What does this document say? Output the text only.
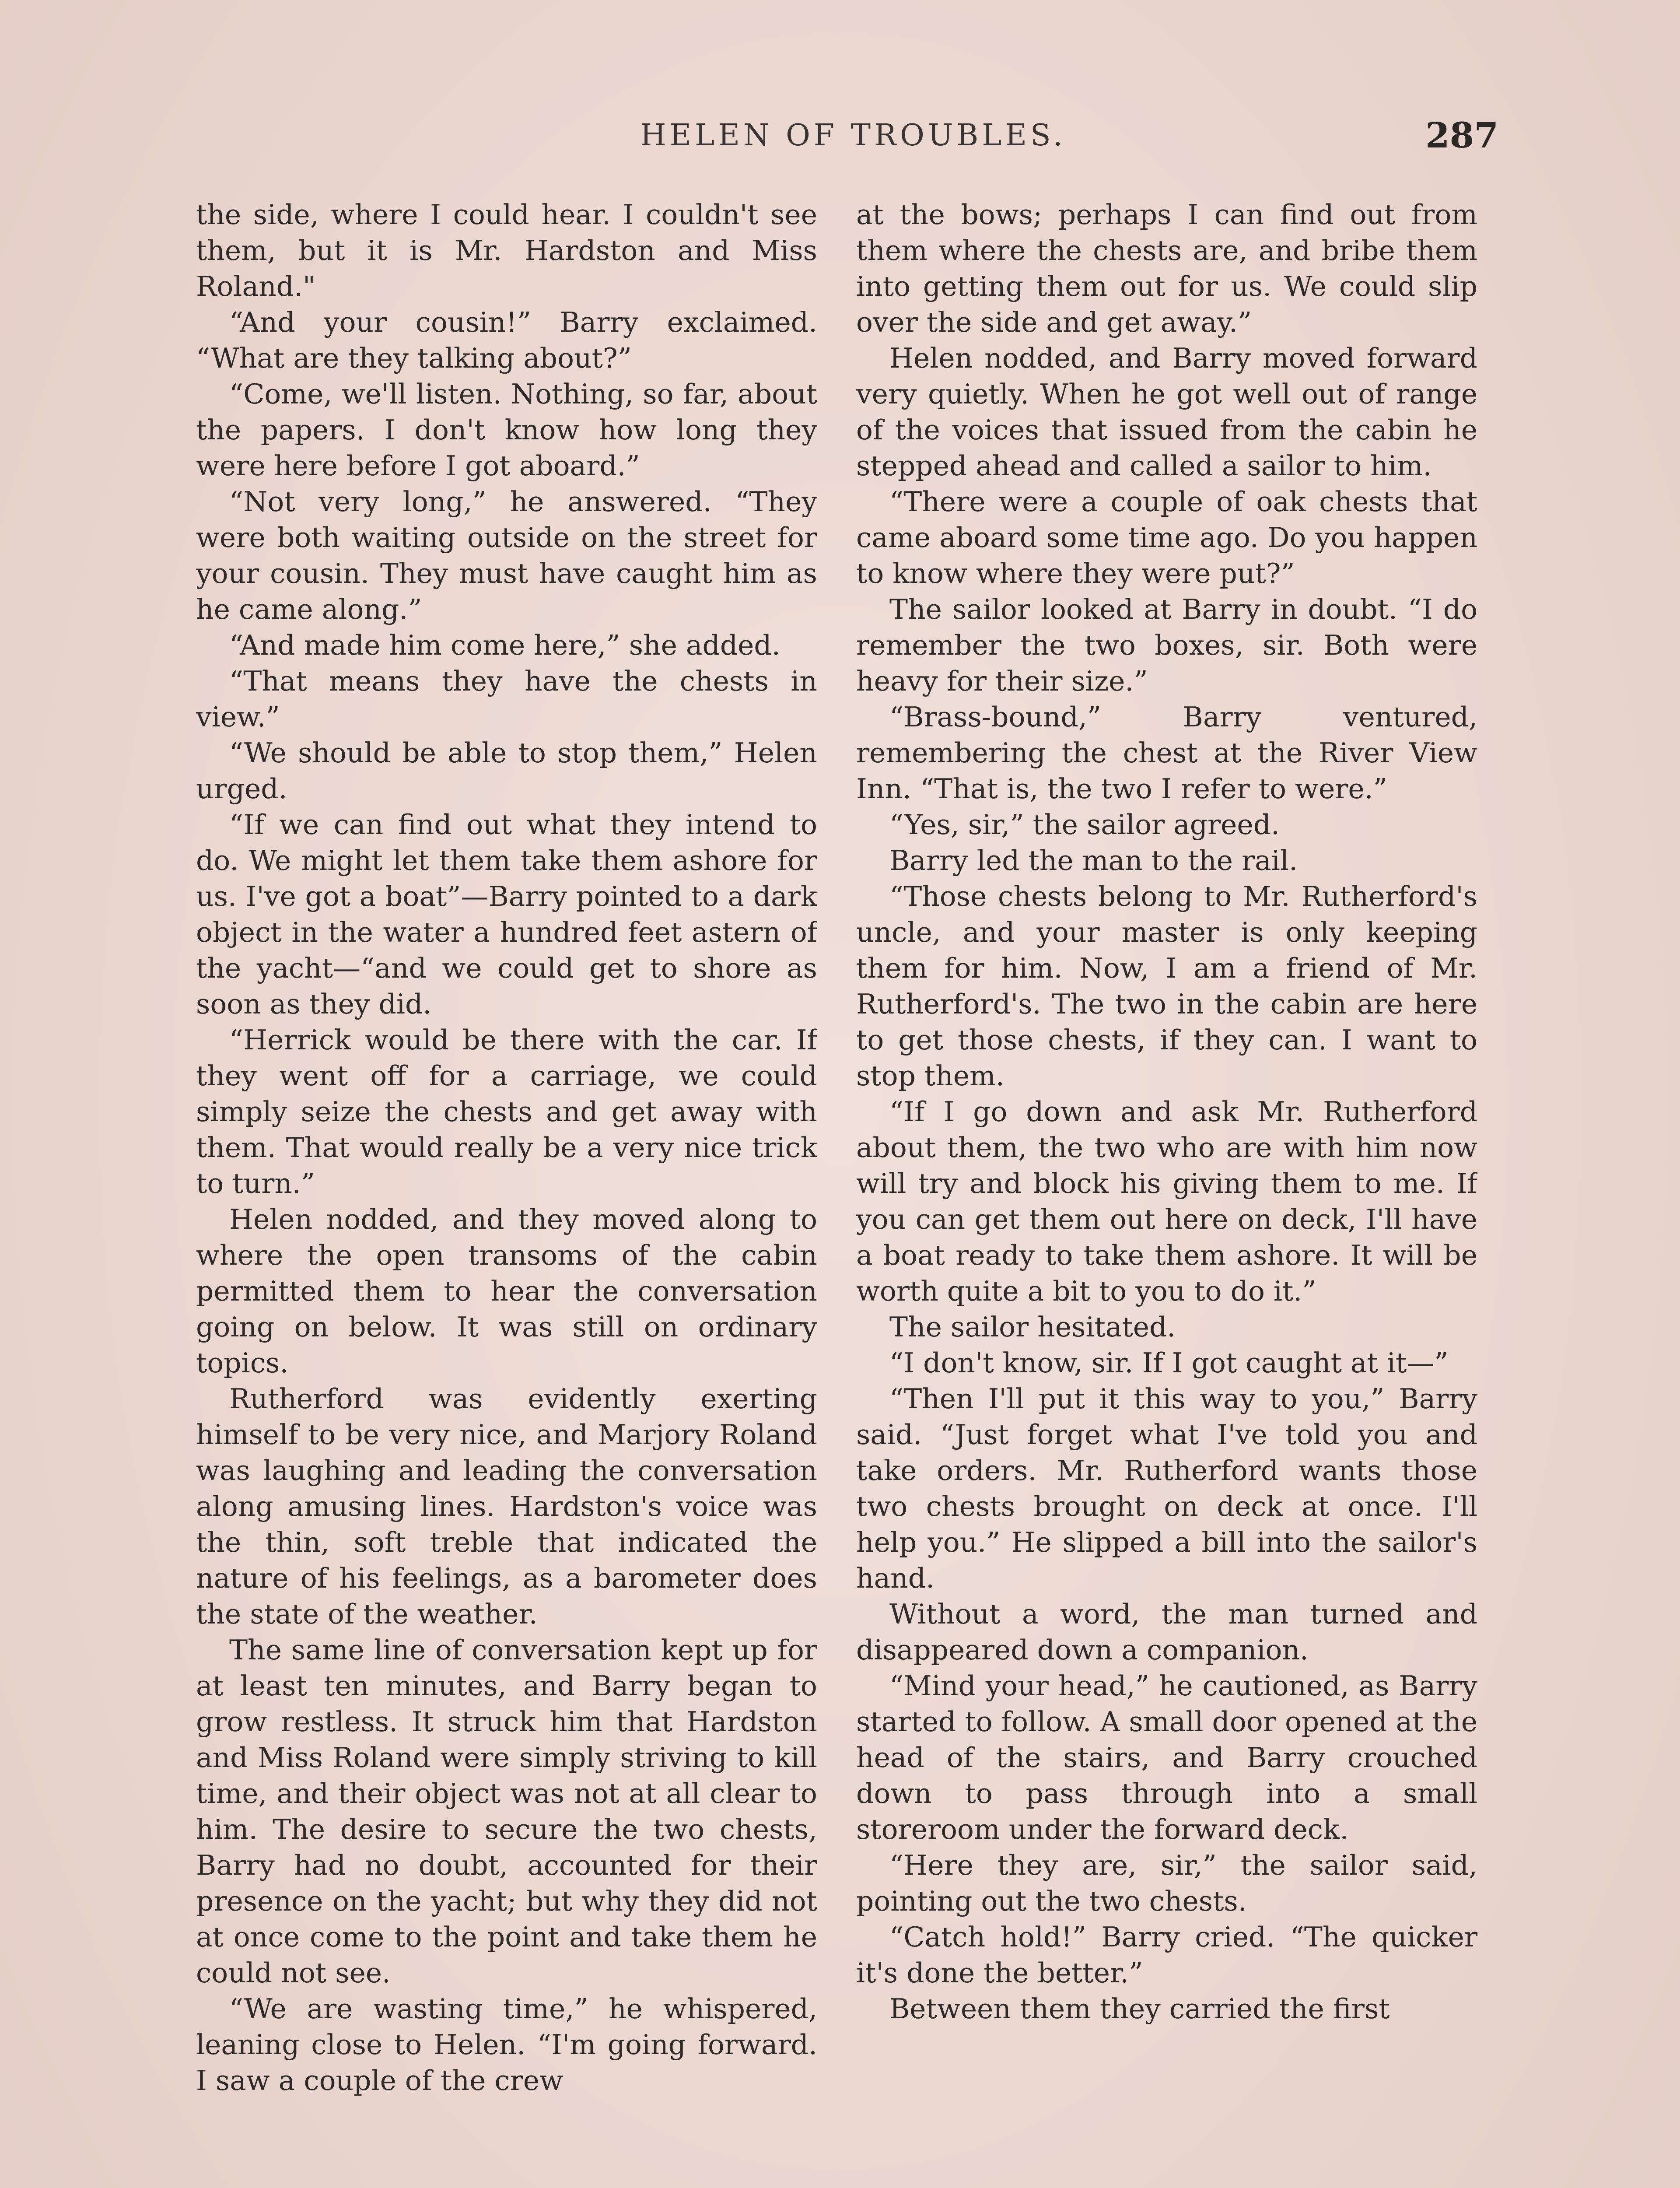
HELEN OF TROUBLES.	287

the side, where I could hear. I couldn't see them, but it is Mr. Hardston and Miss Roland."

“And your cousin!” Barry exclaimed. “What are they talking about?”

“Come, we'll listen. Nothing, so far, about the papers. I don't know how long they were here before I got aboard.”

“Not very long,” he answered. “They were both waiting outside on the street for your cousin. They must have caught him as he came along.”

“And made him come here,” she added.

“That means they have the chests in view.”

“We should be able to stop them,” Helen urged.

“If we can find out what they intend to do. We might let them take them ashore for us. I've got a boat”—Barry pointed to a dark object in the water a hundred feet astern of the yacht—“and we could get to shore as soon as they did.

“Herrick would be there with the car. If they went off for a carriage, we could simply seize the chests and get away with them. That would really be a very nice trick to turn.”

Helen nodded, and they moved along to where the open transoms of the cabin permitted them to hear the conversation going on below. It was still on ordinary topics.

Rutherford was evidently exerting himself to be very nice, and Marjory Roland was laughing and leading the conversation along amusing lines. Hardston's voice was the thin, soft treble that indicated the nature of his feelings, as a barometer does the state of the weather.

The same line of conversation kept up for at least ten minutes, and Barry began to grow restless. It struck him that Hardston and Miss Roland were simply striving to kill time, and their object was not at all clear to him. The desire to secure the two chests, Barry had no doubt, accounted for their presence on the yacht; but why they did not at once come to the point and take them he could not see.

“We are wasting time,” he whispered, leaning close to Helen. “I'm going forward. I saw a couple of the crew

at the bows; perhaps I can find out from them where the chests are, and bribe them into getting them out for us. We could slip over the side and get away.”

Helen nodded, and Barry moved forward very quietly. When he got well out of range of the voices that issued from the cabin he stepped ahead and called a sailor to him.

“There were a couple of oak chests that came aboard some time ago. Do you happen to know where they were put?”

The sailor looked at Barry in doubt. “I do remember the two boxes, sir. Both were heavy for their size.”

“Brass-bound,” Barry ventured, remembering the chest at the River View Inn. “That is, the two I refer to were.”

“Yes, sir,” the sailor agreed.

Barry led the man to the rail.

“Those chests belong to Mr. Rutherford's uncle, and your master is only keeping them for him. Now, I am a friend of Mr. Rutherford's. The two in the cabin are here to get those chests, if they can. I want to stop them.

“If I go down and ask Mr. Rutherford about them, the two who are with him now will try and block his giving them to me. If you can get them out here on deck, I'll have a boat ready to take them ashore. It will be worth quite a bit to you to do it.”

The sailor hesitated.

“I don't know, sir. If I got caught at it—”

“Then I'll put it this way to you,” Barry said. “Just forget what I've told you and take orders. Mr. Rutherford wants those two chests brought on deck at once. I'll help you.” He slipped a bill into the sailor's hand.

Without a word, the man turned and disappeared down a companion.

“Mind your head,” he cautioned, as Barry started to follow. A small door opened at the head of the stairs, and Barry crouched down to pass through into a small storeroom under the forward deck.

“Here they are, sir,” the sailor said, pointing out the two chests.

“Catch hold!” Barry cried. “The quicker it's done the better.”

Between them they carried the first
